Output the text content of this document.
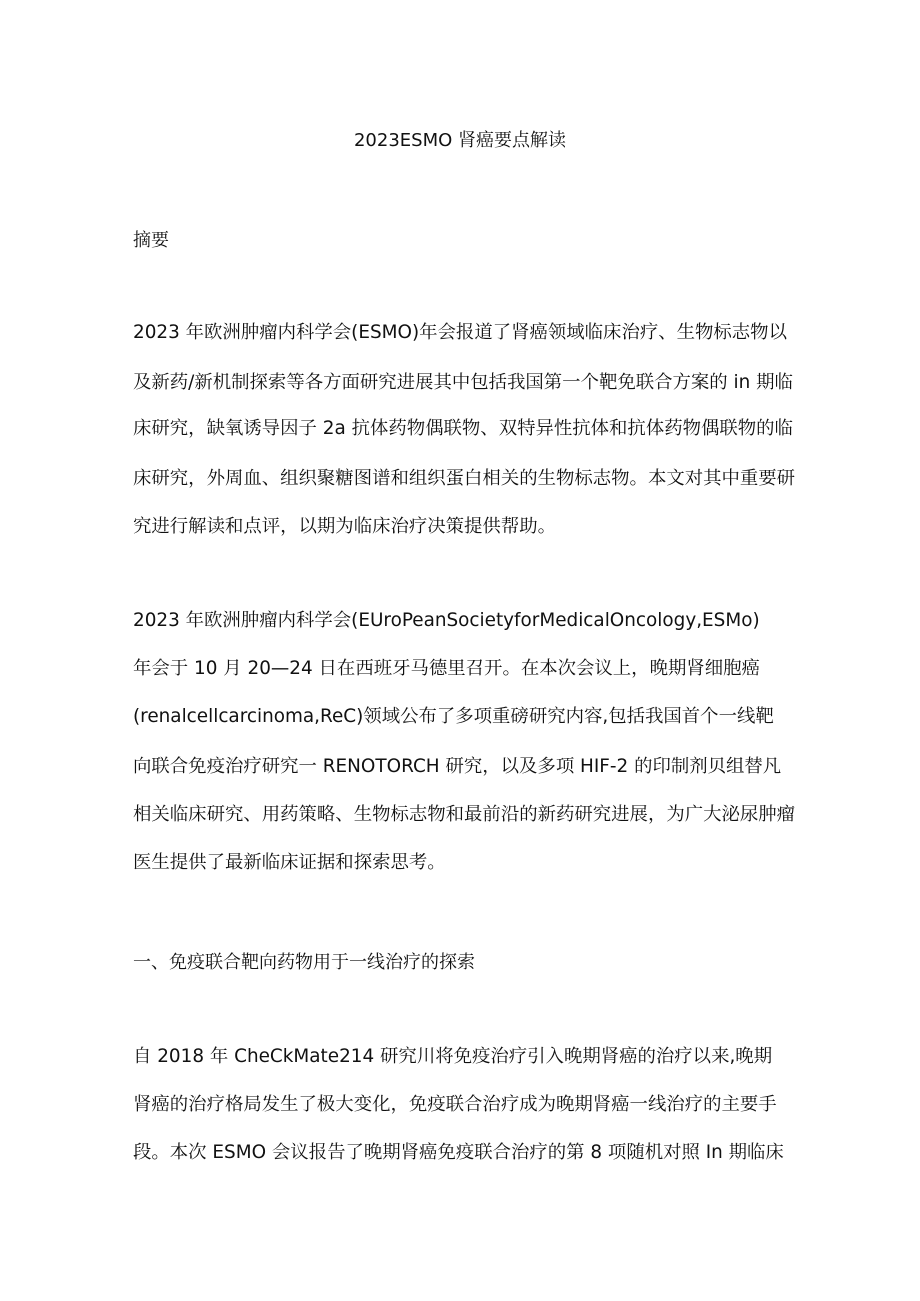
2023ESMO 肾癌要点解读
摘要
2023 年欧洲肿瘤内科学会(ESMO)年会报道了肾癌领域临床治疗、生物标志物以
及新药/新机制探索等各方面研究进展其中包括我国第一个靶免联合方案的 in 期临
床研究，缺氧诱导因子 2a 抗体药物偶联物、双特异性抗体和抗体药物偶联物的临
床研究，外周血、组织聚糖图谱和组织蛋白相关的生物标志物。本文对其中重要研
究进行解读和点评，以期为临床治疗决策提供帮助。
2023 年欧洲肿瘤内科学会(EUroPeanSocietyforMedicalOncology,ESMo)
年会于 10 月 20—24 日在西班牙马德里召开。在本次会议上，晚期肾细胞癌
(renalcellcarcinoma,ReC)领域公布了多项重磅研究内容,包括我国首个一线靶
向联合免疫治疗研究一 RENOTORCH 研究，以及多项 HIF-2 的印制剂贝组替凡
相关临床研究、用药策略、生物标志物和最前沿的新药研究进展，为广大泌尿肿瘤
医生提供了最新临床证据和探索思考。
一、免疫联合靶向药物用于一线治疗的探索
自 2018 年 CheCkMate214 研究川将免疫治疗引入晚期肾癌的治疗以来,晚期
肾癌的治疗格局发生了极大变化，免疫联合治疗成为晚期肾癌一线治疗的主要手
段。本次 ESMO 会议报告了晚期肾癌免疫联合治疗的第 8 项随机对照 In 期临床
